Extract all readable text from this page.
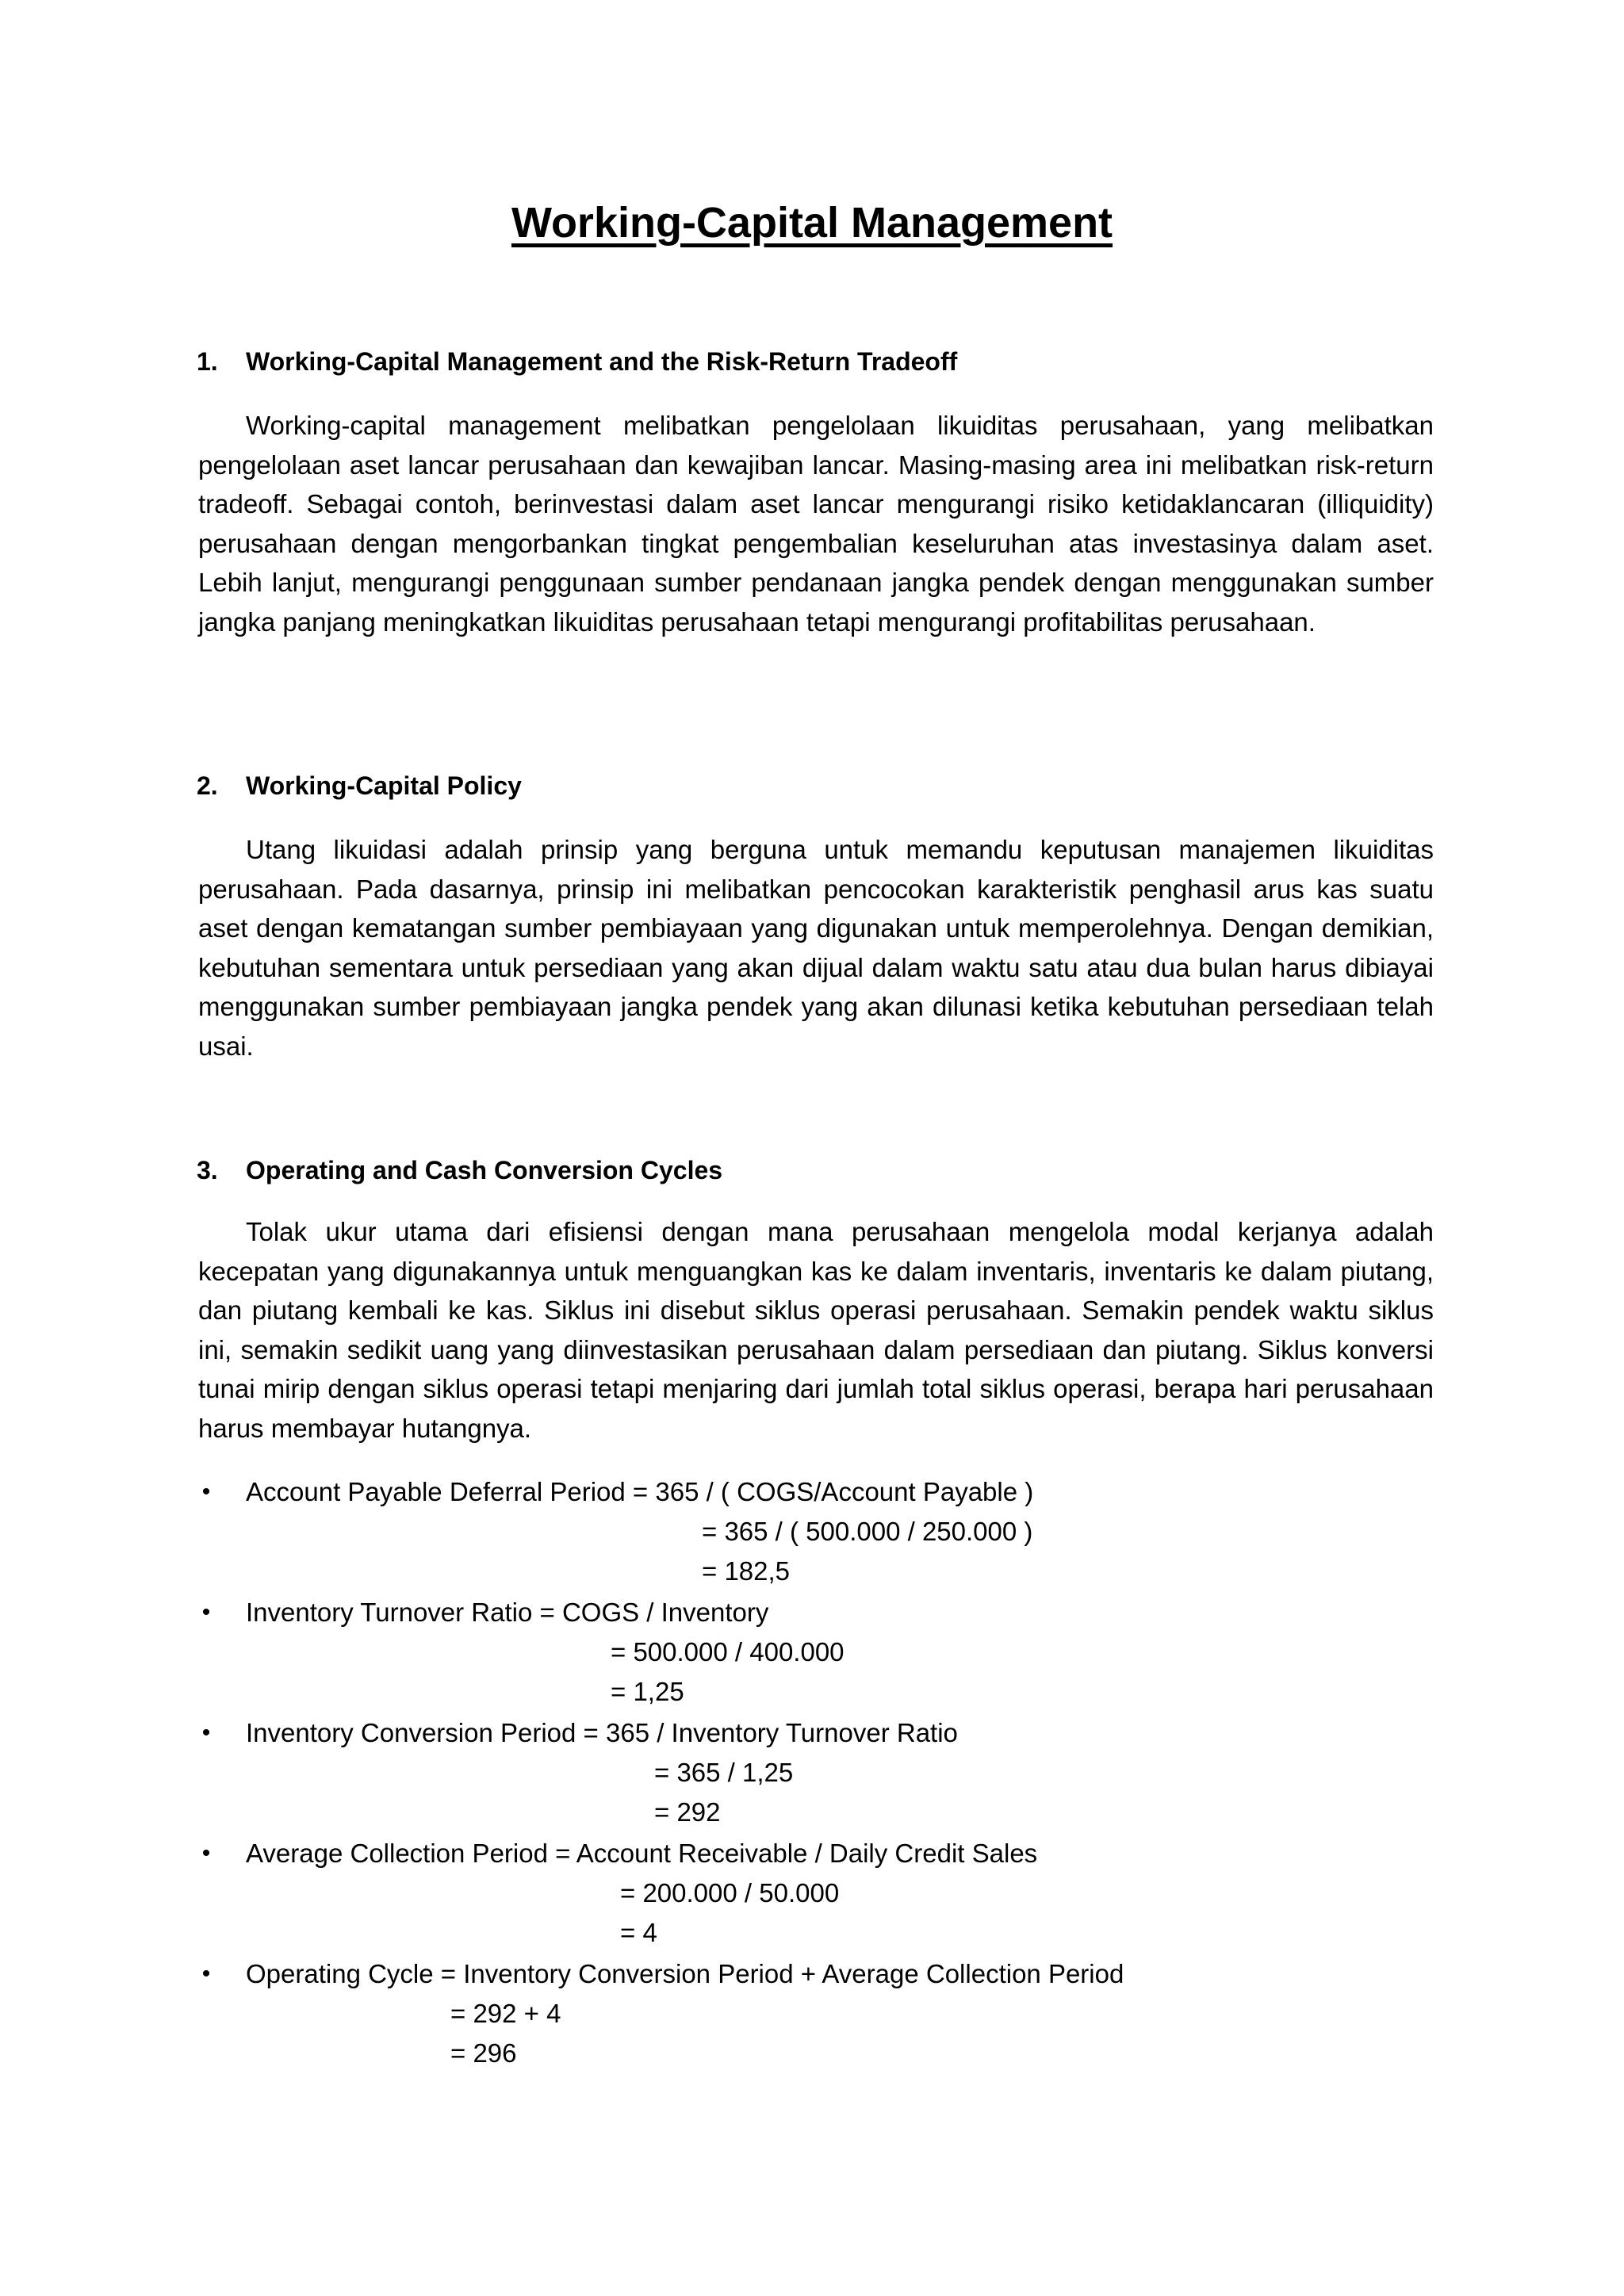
Working-Capital Management
1. Working-Capital Management and the Risk-Return Tradeoff

Working-capital management melibatkan pengelolaan likuiditas perusahaan, yang melibatkan pengelolaan aset lancar perusahaan dan kewajiban lancar. Masing-masing area ini melibatkan risk-return tradeoff. Sebagai contoh, berinvestasi dalam aset lancar mengurangi risiko ketidaklancaran (illiquidity) perusahaan dengan mengorbankan tingkat pengembalian keseluruhan atas investasinya dalam aset. Lebih lanjut, mengurangi penggunaan sumber pendanaan jangka pendek dengan menggunakan sumber jangka panjang meningkatkan likuiditas perusahaan tetapi mengurangi profitabilitas perusahaan.

2. Working-Capital Policy

Utang likuidasi adalah prinsip yang berguna untuk memandu keputusan manajemen likuiditas perusahaan. Pada dasarnya, prinsip ini melibatkan pencocokan karakteristik penghasil arus kas suatu aset dengan kematangan sumber pembiayaan yang digunakan untuk memperolehnya. Dengan demikian, kebutuhan sementara untuk persediaan yang akan dijual dalam waktu satu atau dua bulan harus dibiayai menggunakan sumber pembiayaan jangka pendek yang akan dilunasi ketika kebutuhan persediaan telah usai.

3. Operating and Cash Conversion Cycles

Tolak ukur utama dari efisiensi dengan mana perusahaan mengelola modal kerjanya adalah kecepatan yang digunakannya untuk menguangkan kas ke dalam inventaris, inventaris ke dalam piutang, dan piutang kembali ke kas. Siklus ini disebut siklus operasi perusahaan. Semakin pendek waktu siklus ini, semakin sedikit uang yang diinvestasikan perusahaan dalam persediaan dan piutang. Siklus konversi tunai mirip dengan siklus operasi tetapi menjaring dari jumlah total siklus operasi, berapa hari perusahaan harus membayar hutangnya.

• Account Payable Deferral Period = 365 / ( COGS/Account Payable )
= 365 / ( 500.000 / 250.000 )
= 182,5
• Inventory Turnover Ratio = COGS / Inventory
= 500.000 / 400.000
= 1,25
• Inventory Conversion Period = 365 / Inventory Turnover Ratio
= 365 / 1,25
= 292
• Average Collection Period = Account Receivable / Daily Credit Sales
= 200.000 / 50.000
= 4
• Operating Cycle = Inventory Conversion Period + Average Collection Period
= 292 + 4
= 296
